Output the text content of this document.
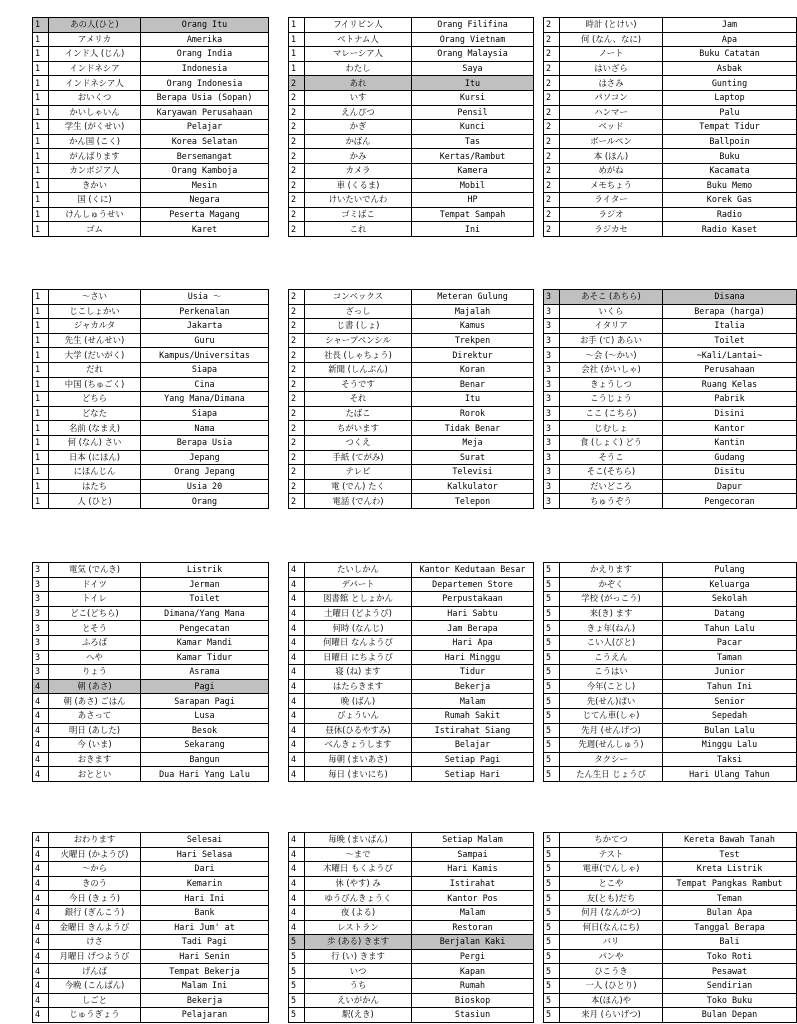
1	あの人(ひと)	Orang Itu
1	アメリカ	Amerika
1	インド人 (じん)	Orang India
1	インドネシア	Indonesia
1	インドネシア人	Orang Indonesia
1	おいくつ	Berapa Usia (Sopan)
1	かいしゃいん	Karyawan Perusahaan
1	学生 (がくせい)	Pelajar
1	かん国 (こく)	Korea Selatan
1	がんばります	Bersemangat
1	カンボジア人	Orang Kamboja
1	きかい	Mesin
1	国 (くに)	Negara
1	けんしゅうせい	Peserta Magang
1	ゴム	Karet
1	フイリピン人	Orang Filifina
1	ベトナム人	Orang Vietnam
1	マレーシア人	Orang Malaysia
1	わたし	Saya
2	あれ	Itu
2	いす	Kursi
2	えんぴつ	Pensil
2	かぎ	Kunci
2	かばん	Tas
2	かみ	Kertas/Rambut
2	カメラ	Kamera
2	車 (くるま)	Mobil
2	けいたいでんわ	HP
2	ゴミばこ	Tempat Sampah
2	これ	Ini
2	時計 (とけい)	Jam
2	何 (なん、なに)	Apa
2	ノート	Buku Catatan
2	はいざら	Asbak
2	はさみ	Gunting
2	パソコン	Laptop
2	ハンマー	Palu
2	ベッド	Tempat Tidur
2	ボールペン	Ballpoin
2	本 (ほん)	Buku
2	めがね	Kacamata
2	メモちょう	Buku Memo
2	ライター	Korek Gas
2	ラジオ	Radio
2	ラジカセ	Radio Kaset
1	〜さい	Usia 〜
1	じこしょかい	Perkenalan
1	ジャカルタ	Jakarta
1	先生 (せんせい)	Guru
1	大学 (だいがく)	Kampus/Universitas
1	だれ	Siapa
1	中国 (ちゅごく)	Cina
1	どちら	Yang Mana/Dimana
1	どなた	Siapa
1	名前 (なまえ)	Nama
1	何 (なん) さい	Berapa Usia
1	日本 (にほん)	Jepang
1	にほんじん	Orang Jepang
1	はたち	Usia 20
1	人 (ひと)	Orang
2	コンベックス	Meteran Gulung
2	ざっし	Majalah
2	じ書 (しょ)	Kamus
2	シャープペンシル	Trekpen
2	社長 (しゃちょう)	Direktur
2	新聞 (しんぶん)	Koran
2	そうです	Benar
2	それ	Itu
2	たばこ	Rorok
2	ちがいます	Tidak Benar
2	つくえ	Meja
2	手紙 (てがみ)	Surat
2	テレビ	Televisi
2	電 (でん) たく	Kalkulator
2	電話 (でんわ)	Telepon
3	あそこ (あちら)	Disana
3	いくら	Berapa (harga)
3	イタリア	Italia
3	お手 (て) あらい	Toilet
3	〜会 (〜かい)	~Kali/Lantai~
3	会社 (かいしゃ)	Perusahaan
3	きょうしつ	Ruang Kelas
3	こうじょう	Pabrik
3	ここ (こちら)	Disini
3	じむしょ	Kantor
3	食 (しょく) どう	Kantin
3	そうこ	Gudang
3	そこ(そちら)	Disitu
3	だいどころ	Dapur
3	ちゅうぞう	Pengecoran
3	電気 (でんき)	Listrik
3	ドイツ	Jerman
3	トイレ	Toilet
3	どこ(どちら)	Dimana/Yang Mana
3	とそう	Pengecatan
3	ふろば	Kamar Mandi
3	へや	Kamar Tidur
3	りょう	Asrama
4	朝 (あさ)	Pagi
4	朝 (あさ) ごはん	Sarapan Pagi
4	あさって	Lusa
4	明日 (あした)	Besok
4	今 (いま)	Sekarang
4	おきます	Bangun
4	おととい	Dua Hari Yang Lalu
4	たいしかん	Kantor Kedutaan Besar
4	デパート	Departemen Store
4	図書館 としょかん	Perpustakaan
4	土曜日 (どようび)	Hari Sabtu
4	何時 (なんじ)	Jam Berapa
4	何曜日 なんようび	Hari Apa
4	日曜日 にちようび	Hari Minggu
4	寝 (ね) ます	Tidur
4	はたらきます	Bekerja
4	晩 (ばん)	Malam
4	びょういん	Rumah Sakit
4	昼休(ひるやすみ)	Istirahat Siang
4	べんきょうします	Belajar
4	毎朝 (まいあさ)	Setiap Pagi
4	毎日 (まいにち)	Setiap Hari
5	かえります	Pulang
5	かぞく	Keluarga
5	学校 (がっこう)	Sekolah
5	来(き) ます	Datang
5	きょ年(ねん)	Tahun Lalu
5	こい人(びと)	Pacar
5	こうえん	Taman
5	こうはい	Junior
5	今年(ことし)	Tahun Ini
5	先(せん)ぱい	Senior
5	じてん車(しゃ)	Sepedah
5	先月 (せんげつ)	Bulan Lalu
5	先週(せんしゅう)	Minggu Lalu
5	タクシー	Taksi
5	たん生日 じょうび	Hari Ulang Tahun
4	おわります	Selesai
4	火曜日 (かようび)	Hari Selasa
4	〜から	Dari
4	きのう	Kemarin
4	今日 (きょう)	Hari Ini
4	銀行 (ぎんこう)	Bank
4	金曜日 きんようび	Hari Jum' at
4	けさ	Tadi Pagi
4	月曜日 げつようび	Hari Senin
4	げんば	Tempat Bekerja
4	今晩 (こんばん)	Malam Ini
4	しごと	Bekerja
4	じゅうぎょう	Pelajaran
4	毎晩 (まいばん)	Setiap Malam
4	〜まで	Sampai
4	木曜日 もくようび	Hari Kamis
4	休 (やす) み	Istirahat
4	ゆうびんきょうく	Kantor Pos
4	夜 (よる)	Malam
4	レストラン	Restoran
5	歩 (ある) きます	Berjalan Kaki
5	行 (い) きます	Pergi
5	いつ	Kapan
5	うち	Rumah
5	えいがかん	Bioskop
5	駅(えき)	Stasiun
5	ちかてつ	Kereta Bawah Tanah
5	テスト	Test
5	電車(でんしゃ)	Kreta Listrik
5	とこや	Tempat Pangkas Rambut
5	友(とも)だち	Teman
5	何月 (なんがつ)	Bulan Apa
5	何日(なんにち)	Tanggal Berapa
5	バリ	Bali
5	パンや	Toko Roti
5	ひこうき	Pesawat
5	一人 (ひとり)	Sendirian
5	本(ほん)や	Toko Buku
5	来月 (らいげつ)	Bulan Depan
